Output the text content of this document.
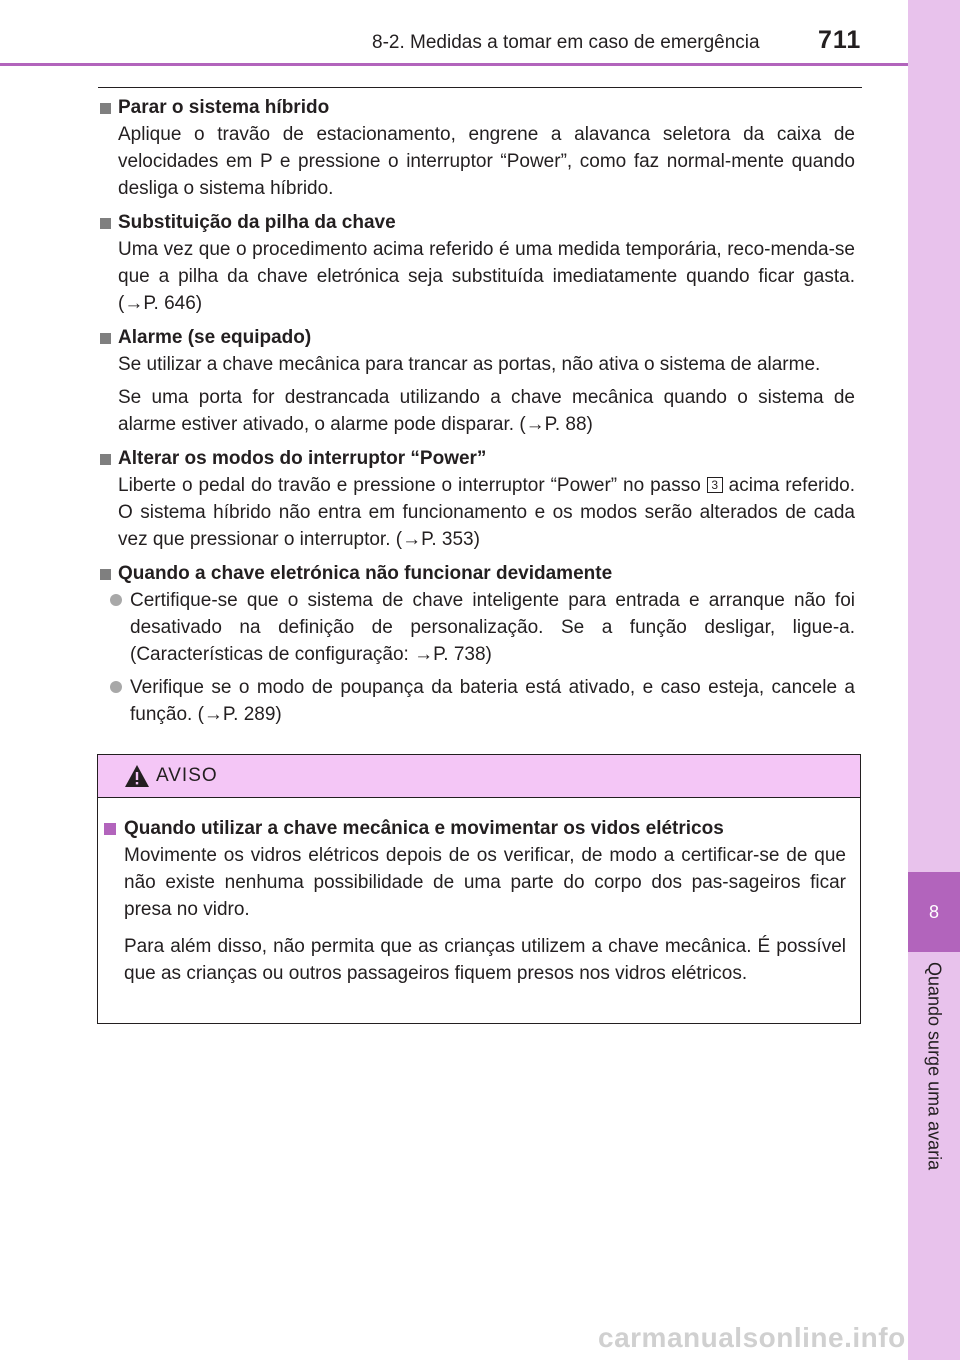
8
Quando surge uma avaria
8-2. Medidas a tomar em caso de emergência 711
Parar o sistema híbrido

Aplique o travão de estacionamento, engrene a alavanca seletora da caixa de velocidades em P e pressione o interruptor “Power”, como faz normal-mente quando desliga o sistema híbrido.

Substituição da pilha da chave

Uma vez que o procedimento acima referido é uma medida temporária, reco-menda-se que a pilha da chave eletrónica seja substituída imediatamente quando ficar gasta. (→P. 646)

Alarme (se equipado)

Se utilizar a chave mecânica para trancar as portas, não ativa o sistema de alarme.

Se uma porta for destrancada utilizando a chave mecânica quando o sistema de alarme estiver ativado, o alarme pode disparar. (→P. 88)

Alterar os modos do interruptor “Power”

Liberte o pedal do travão e pressione o interruptor “Power” no passo 3 acima referido. O sistema híbrido não entra em funcionamento e os modos serão alterados de cada vez que pressionar o interruptor. (→P. 353)

Quando a chave eletrónica não funcionar devidamente
Certifique-se que o sistema de chave inteligente para entrada e arranque não foi desativado na definição de personalização. Se a função desligar, ligue-a. (Características de configuração: →P. 738)
Verifique se o modo de poupança da bateria está ativado, e caso esteja, cancele a função. (→P. 289)
AVISO
Quando utilizar a chave mecânica e movimentar os vidos elétricos

Movimente os vidros elétricos depois de os verificar, de modo a certificar-se de que não existe nenhuma possibilidade de uma parte do corpo dos pas-sageiros ficar presa no vidro.

Para além disso, não permita que as crianças utilizem a chave mecânica. É possível que as crianças ou outros passageiros fiquem presos nos vidros elétricos.

carmanualsonline.info
